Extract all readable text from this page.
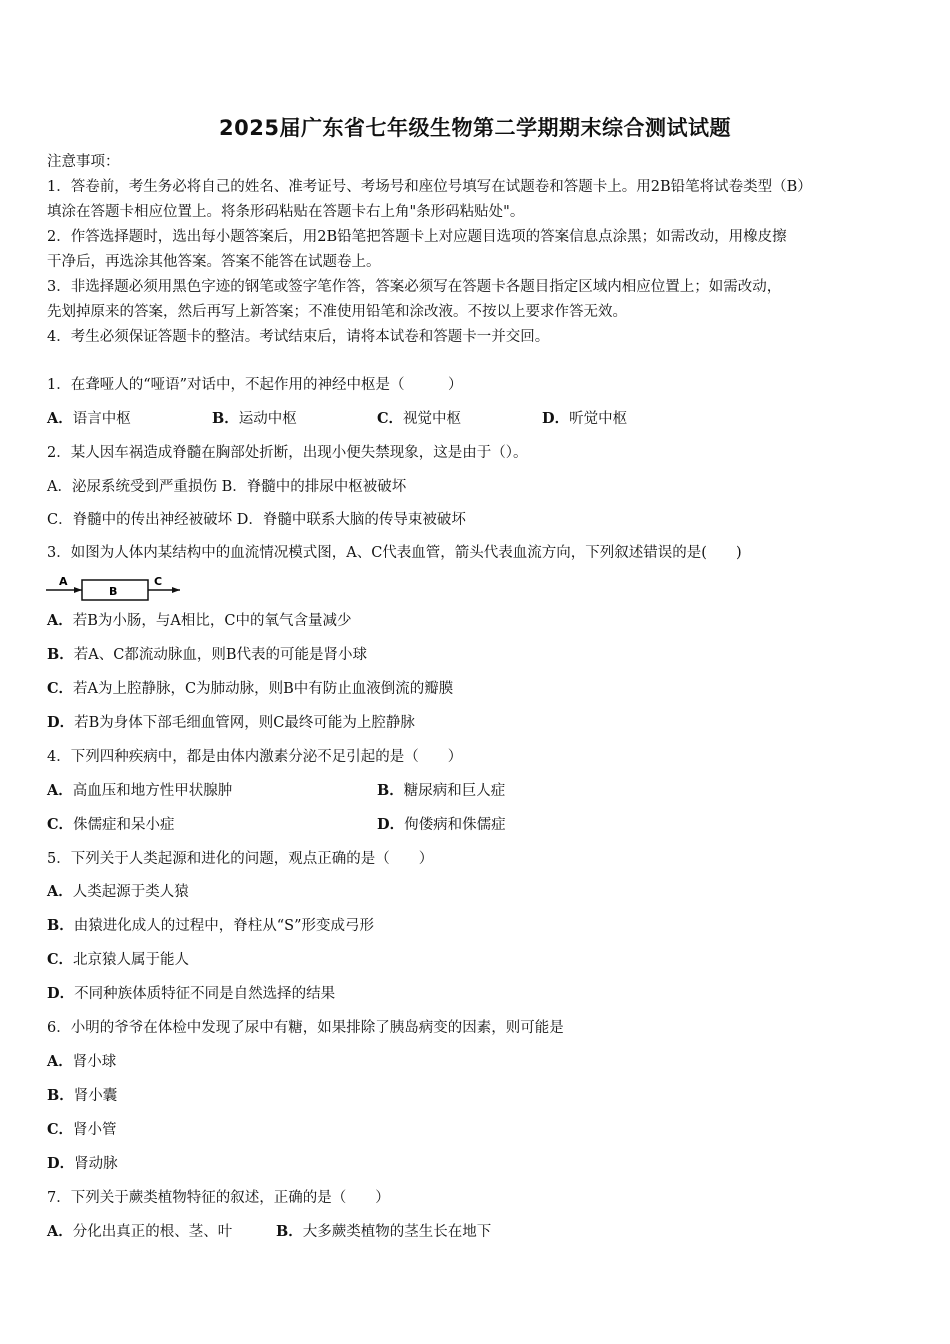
2025届广东省七年级生物第二学期期末综合测试试题
注意事项：
1．答卷前，考生务必将自己的姓名、准考证号、考场号和座位号填写在试题卷和答题卡上。用2B铅笔将试卷类型（B）
填涂在答题卡相应位置上。将条形码粘贴在答题卡右上角"条形码粘贴处"。
2．作答选择题时，选出每小题答案后，用2B铅笔把答题卡上对应题目选项的答案信息点涂黑；如需改动，用橡皮擦
干净后，再选涂其他答案。答案不能答在试题卷上。
3．非选择题必须用黑色字迹的钢笔或签字笔作答，答案必须写在答题卡各题目指定区域内相应位置上；如需改动，
先划掉原来的答案，然后再写上新答案；不准使用铅笔和涂改液。不按以上要求作答无效。
4．考生必须保证答题卡的整洁。考试结束后，请将本试卷和答题卡一并交回。
1．在聋哑人的“哑语”对话中，不起作用的神经中枢是（　　　）
A．语言中枢	B．运动中枢	C．视觉中枢	D．听觉中枢
2．某人因车祸造成脊髓在胸部处折断，出现小便失禁现象，这是由于（）。
A．泌尿系统受到严重损伤 B．脊髓中的排尿中枢被破坏
C．脊髓中的传出神经被破坏 D．脊髓中联系大脑的传导束被破坏
3．如图为人体内某结构中的血流情况模式图，A、C代表血管，箭头代表血流方向，下列叙述错误的是(　　)
A
B
C
A．若B为小肠，与A相比，C中的氧气含量减少
B．若A、C都流动脉血，则B代表的可能是肾小球
C．若A为上腔静脉，C为肺动脉，则B中有防止血液倒流的瓣膜
D．若B为身体下部毛细血管网，则C最终可能为上腔静脉
4．下列四种疾病中，都是由体内激素分泌不足引起的是（　　）
A．高血压和地方性甲状腺肿	B．糖尿病和巨人症
C．侏儒症和呆小症	D．佝偻病和侏儒症
5．下列关于人类起源和进化的问题，观点正确的是（　　）
A．人类起源于类人猿
B．由猿进化成人的过程中，脊柱从“S”形变成弓形
C．北京猿人属于能人
D．不同种族体质特征不同是自然选择的结果
6．小明的爷爷在体检中发现了尿中有糖，如果排除了胰岛病变的因素，则可能是
A．肾小球
B．肾小囊
C．肾小管
D．肾动脉
7．下列关于蕨类植物特征的叙述，正确的是（　　）
A．分化出真正的根、茎、叶	B．大多蕨类植物的茎生长在地下
